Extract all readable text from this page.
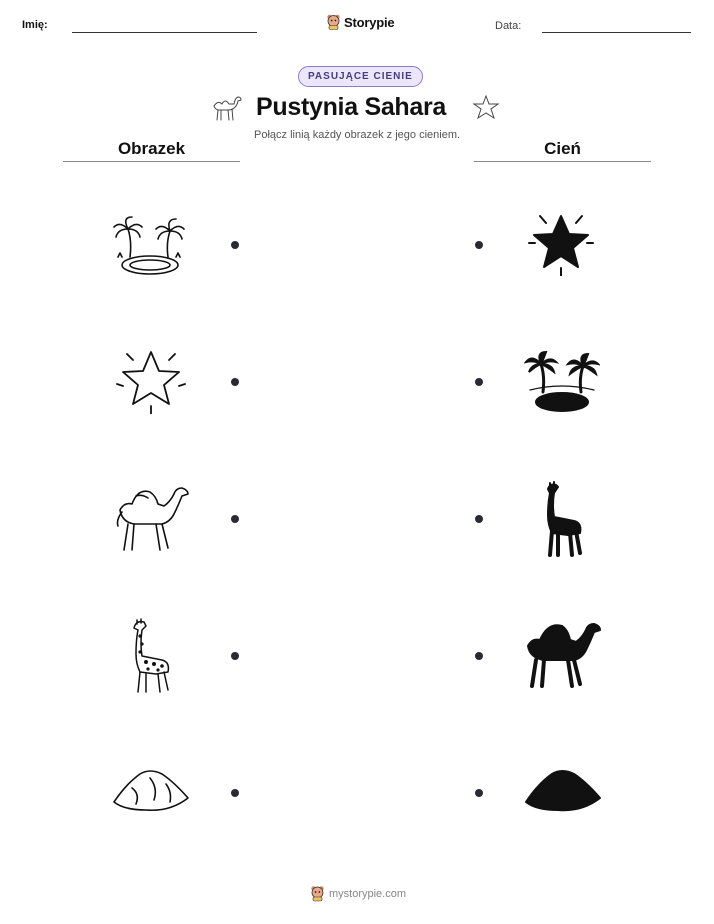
Imię:	Storypie	Data:
PASUJĄCE CIENIE
Pustynia Sahara
Połącz linią każdy obrazek z jego cieniem.
Obrazek	Cień
mystorypie.com
